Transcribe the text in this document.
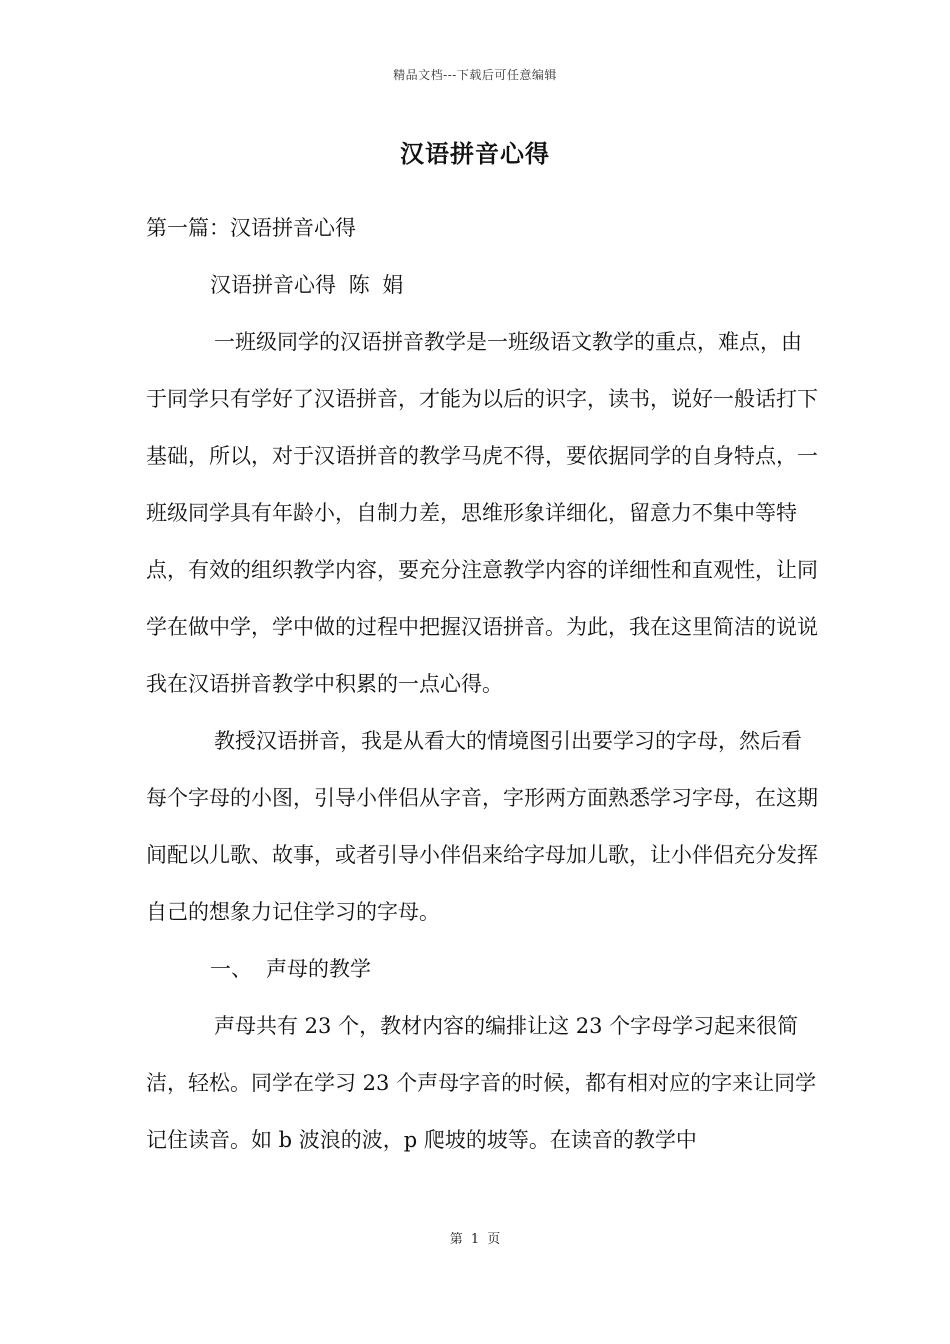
精品文档---下载后可任意编辑
汉语拼音心得

第一篇：汉语拼音心得

汉语拼音心得 陈 娟

一班级同学的汉语拼音教学是一班级语文教学的重点，难点，由于同学只有学好了汉语拼音，才能为以后的识字，读书，说好一般话打下基础，所以，对于汉语拼音的教学马虎不得，要依据同学的自身特点，一班级同学具有年龄小，自制力差，思维形象详细化，留意力不集中等特点，有效的组织教学内容，要充分注意教学内容的详细性和直观性，让同学在做中学，学中做的过程中把握汉语拼音。为此，我在这里简洁的说说我在汉语拼音教学中积累的一点心得。

教授汉语拼音，我是从看大的情境图引出要学习的字母，然后看每个字母的小图，引导小伴侣从字音，字形两方面熟悉学习字母，在这期间配以儿歌、故事，或者引导小伴侣来给字母加儿歌，让小伴侣充分发挥自己的想象力记住学习的字母。

一、 声母的教学

声母共有 23 个，教材内容的编排让这 23 个字母学习起来很简洁，轻松。同学在学习 23 个声母字音的时候，都有相对应的字来让同学记住读音。如 b 波浪的波，p 爬坡的坡等。在读音的教学中

第 1 页
